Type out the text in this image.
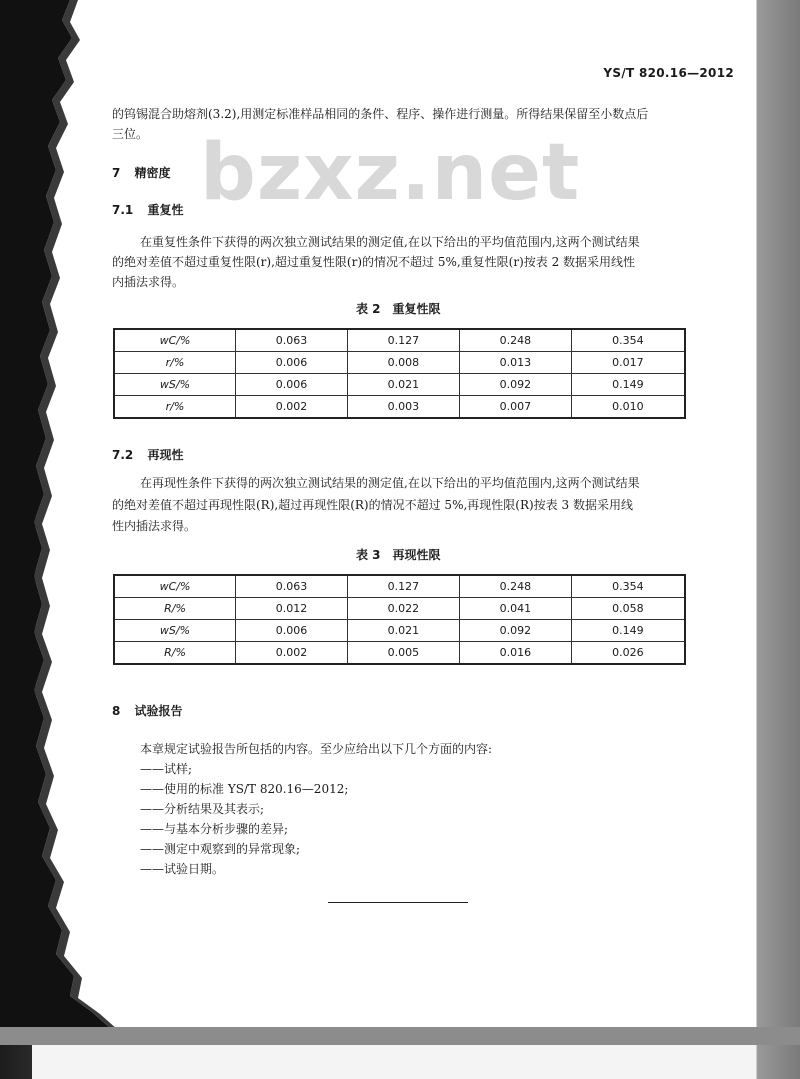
YS/T 820.16—2012
bzxz.net
的钨锡混合助熔剂(3.2),用测定标准样品相同的条件、程序、操作进行测量。所得结果保留至小数点后
三位。
7 精密度
7.1 重复性
在重复性条件下获得的两次独立测试结果的测定值,在以下给出的平均值范围内,这两个测试结果
的绝对差值不超过重复性限(r),超过重复性限(r)的情况不超过 5%,重复性限(r)按表 2 数据采用线性
内插法求得。
表 2　重复性限
wC/%	0.063	0.127	0.248	0.354
r/%	0.006	0.008	0.013	0.017
wS/%	0.006	0.021	0.092	0.149
r/%	0.002	0.003	0.007	0.010
7.2 再现性
在再现性条件下获得的两次独立测试结果的测定值,在以下给出的平均值范围内,这两个测试结果
的绝对差值不超过再现性限(R),超过再现性限(R)的情况不超过 5%,再现性限(R)按表 3 数据采用线
性内插法求得。
表 3　再现性限
wC/%	0.063	0.127	0.248	0.354
R/%	0.012	0.022	0.041	0.058
wS/%	0.006	0.021	0.092	0.149
R/%	0.002	0.005	0.016	0.026
8 试验报告
本章规定试验报告所包括的内容。至少应给出以下几个方面的内容:
——试样;
——使用的标准 YS/T 820.16—2012;
——分析结果及其表示;
——与基本分析步骤的差异;
——测定中观察到的异常现象;
——试验日期。
